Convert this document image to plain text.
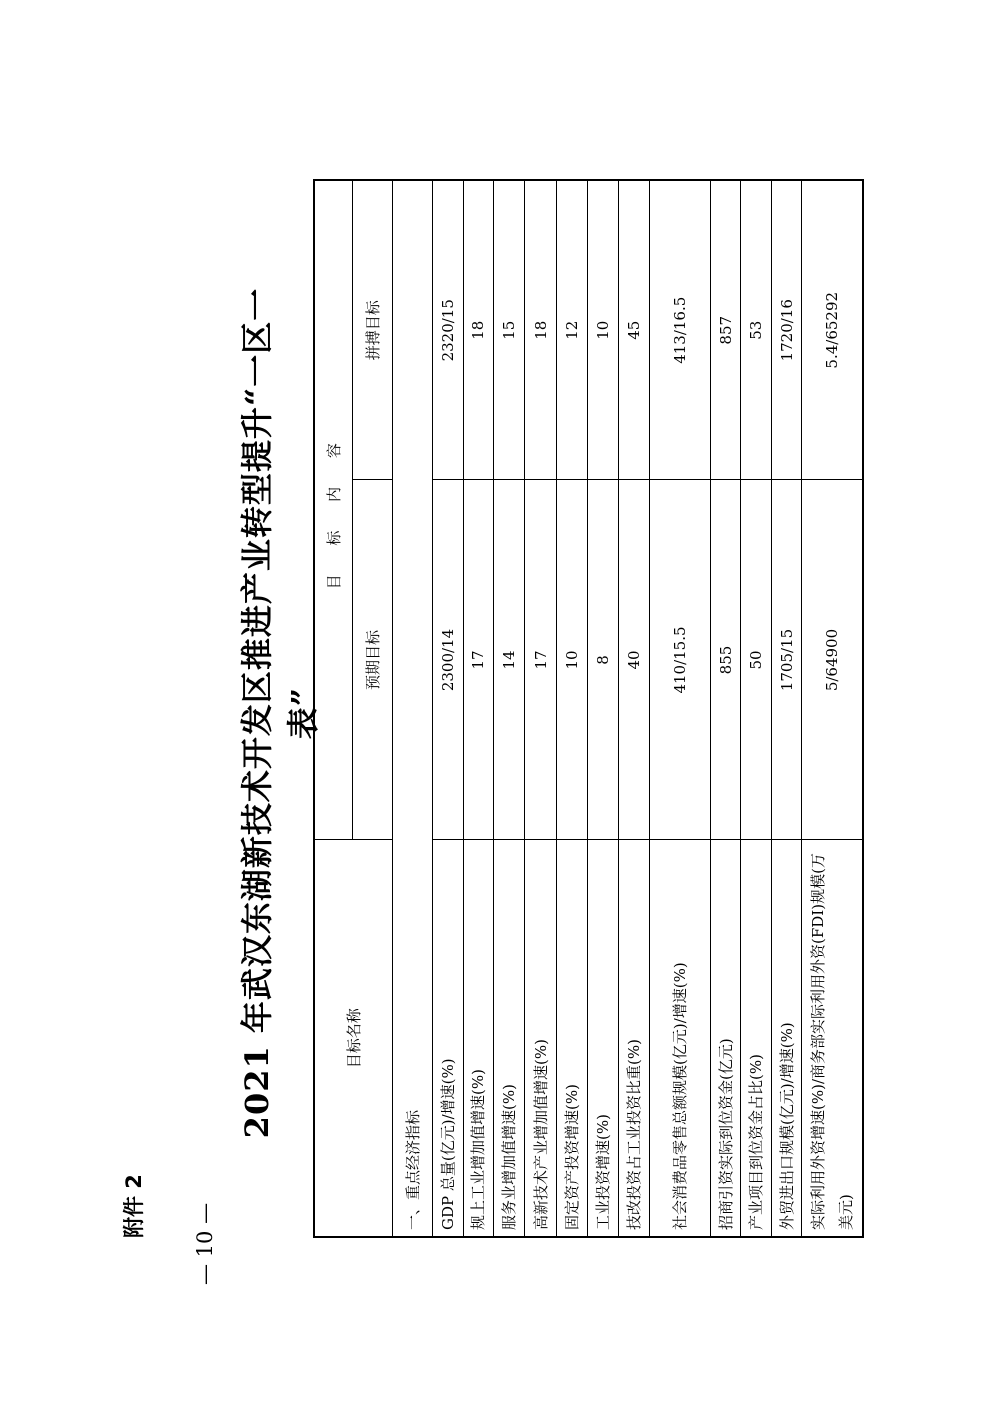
附件 2 — 10 —
2021 年武汉东湖新技术开发区推进产业转型提升“一区一表”
目标名称	目 标 内 容	
	预期目标	拼搏目标
一、重点经济指标		
GDP 总量(亿元)/增速(%)	2300/14	2320/15
规上工业增加值增速(%)	17	18
服务业增加值增速(%)	14	15
高新技术产业增加值增速(%)	17	18
固定资产投资增速(%)	10	12
工业投资增速(%)	8	10
技改投资占工业投资比重(%)	40	45
社会消费品零售总额规模(亿元)/增速(%)	410/15.5	413/16.5
招商引资实际到位资金(亿元)	855	857
产业项目到位资金占比(%)	50	53
外贸进出口规模(亿元)/增速(%)	1705/15	1720/16
实际利用外资增速(%)/商务部实际利用外资(FDI)规模(万美元)	5/64900	5.4/65292
